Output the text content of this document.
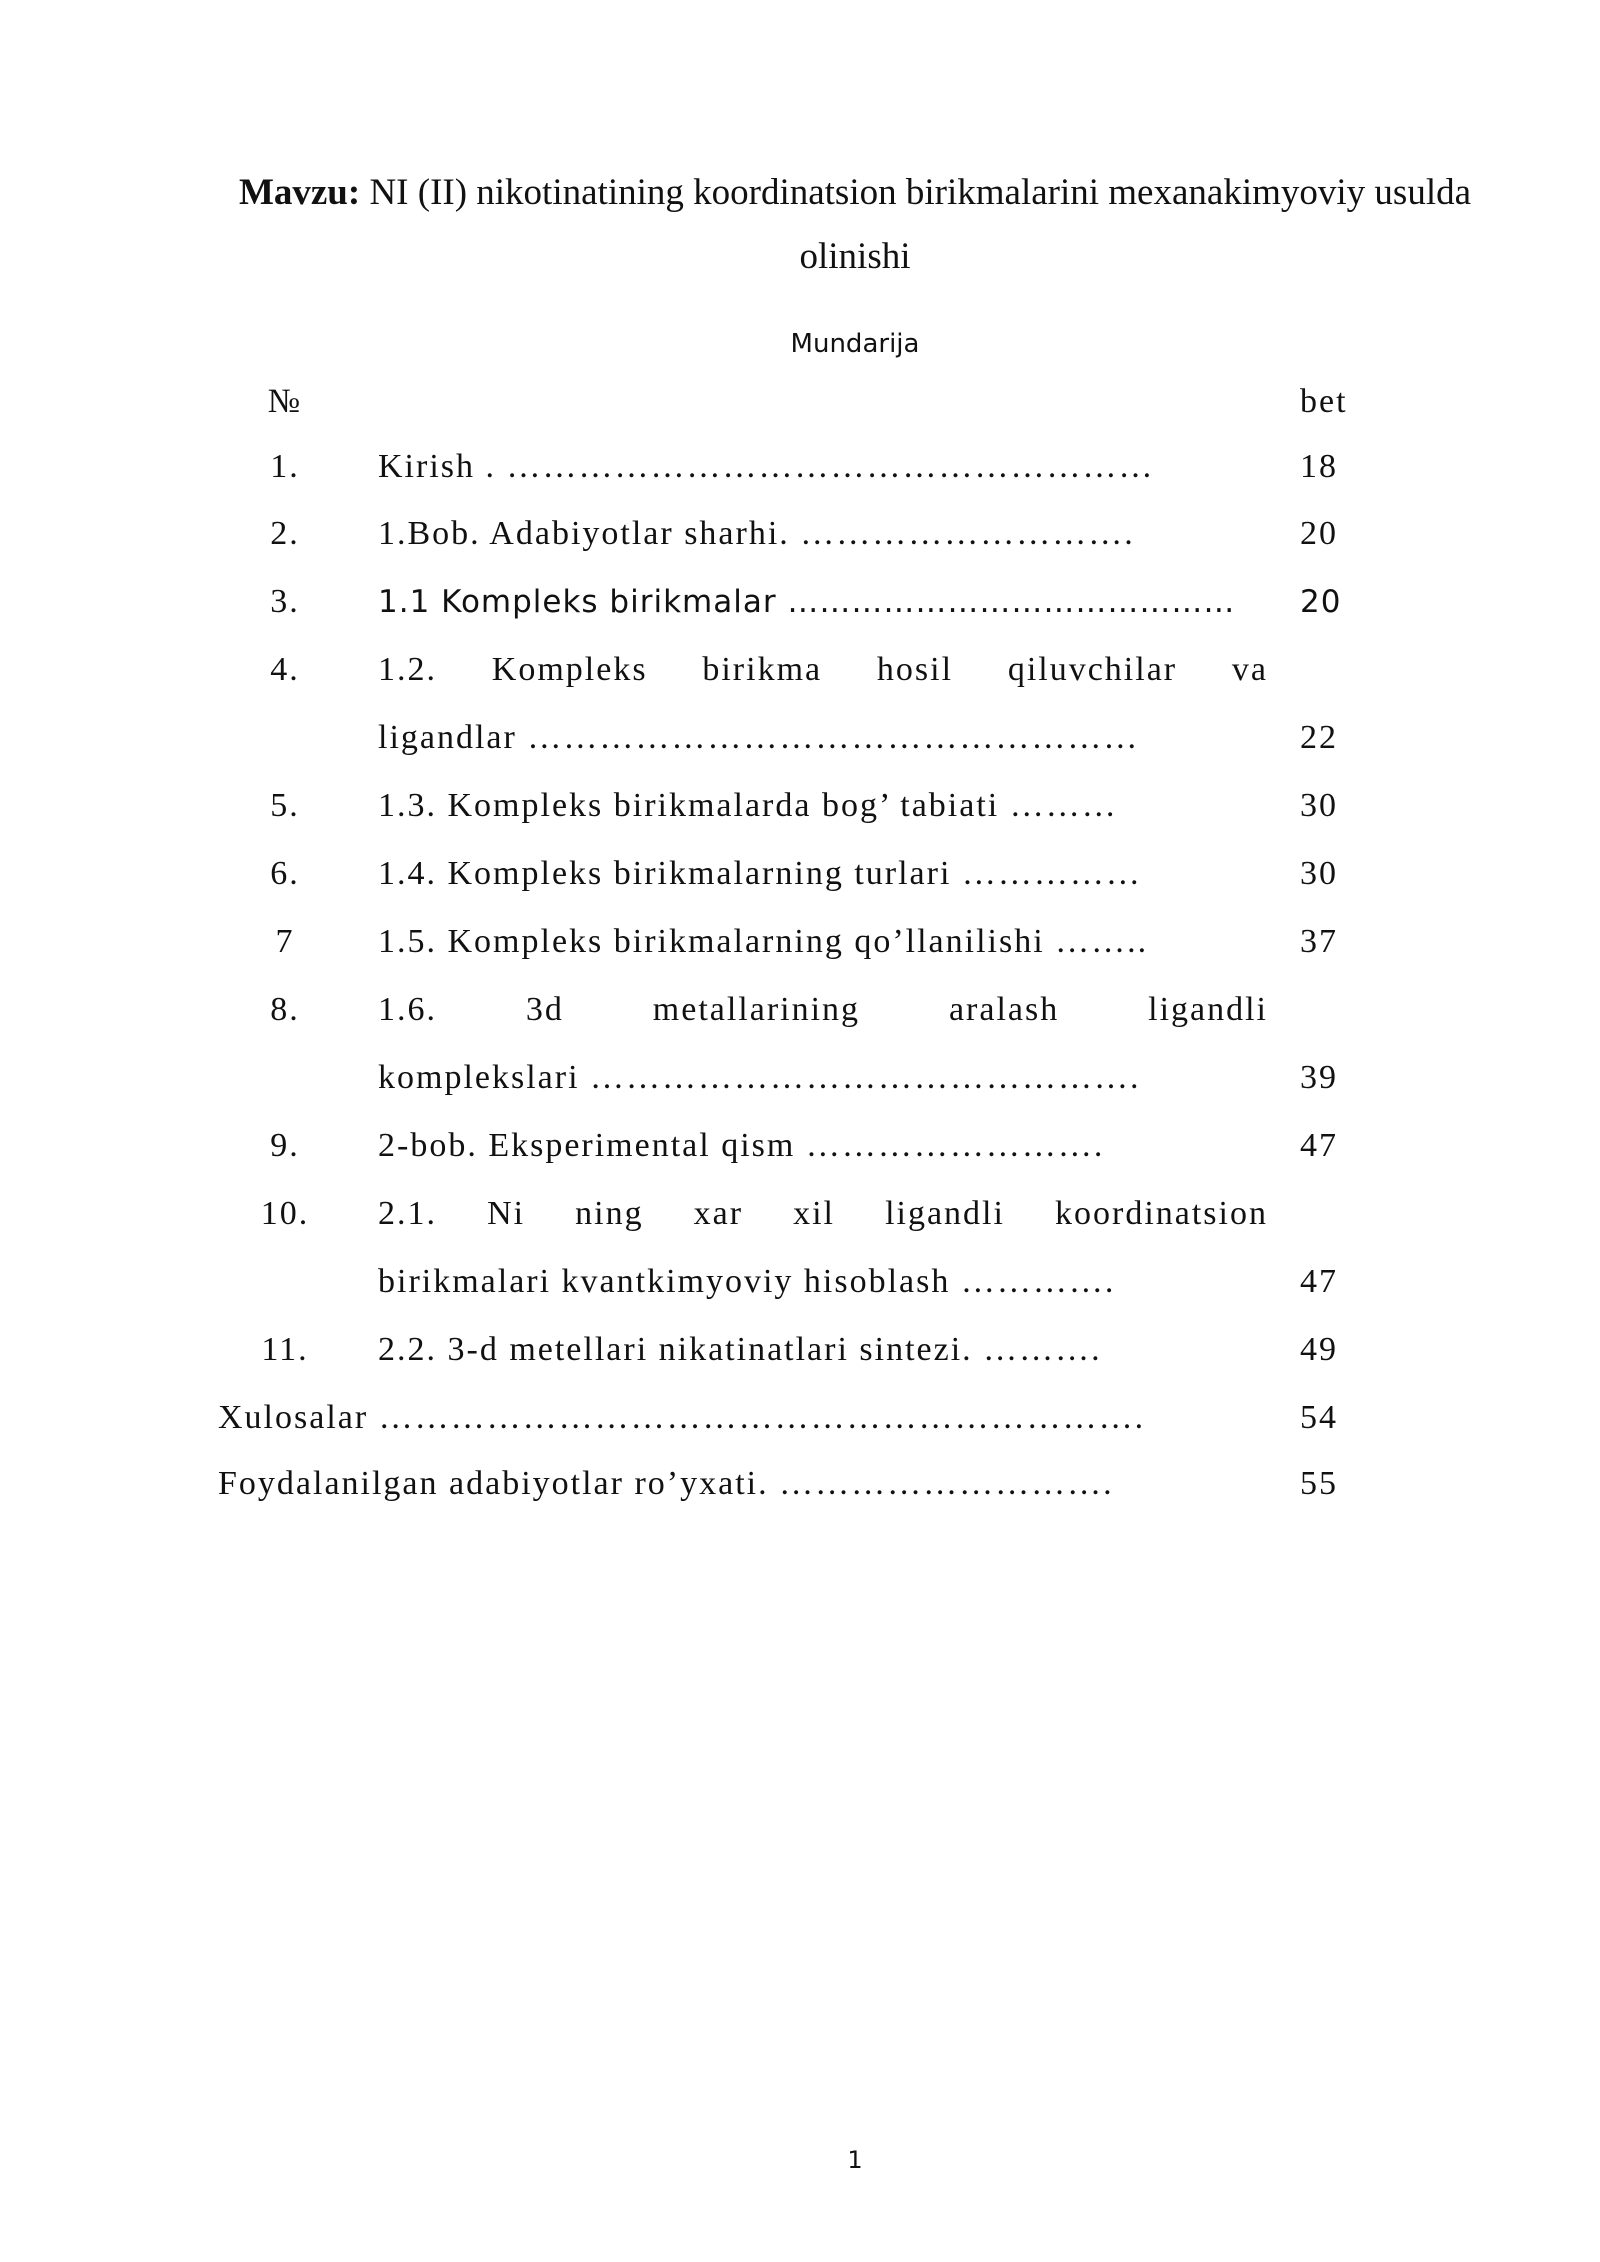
Mavzu: NI (II) nikotinatining koordinatsion birikmalarini mexanakimyoviy usulda
olinishi
Mundarija
№	bet
1.	Kirish . ………………………………………………	18
2.	1.Bob. Adabiyotlar sharhi. ……………………….	20
3.	1.1 Kompleks birikmalar ……………………………………	20
4.	1.2. Kompleks birikma hosil qiluvchilar va
ligandlar ……………………………………………	22
5.	1.3. Kompleks birikmalarda bog’ tabiati ………	30
6.	1.4. Kompleks birikmalarning turlari ……………	30
7	1.5. Kompleks birikmalarning qo’llanilishi ……..	37
8.	1.6. 3d metallarining aralash ligandli
komplekslari ……………………………………….	39
9.	2-bob. Eksperimental qism …………………….	47
10.	2.1. Ni ning xar xil ligandli koordinatsion
birikmalari kvantkimyoviy hisoblash ………….	47
11.	2.2. 3-d metellari nikatinatlari sintezi. ……….	49
Xulosalar ……………………………………………………….	54
Foydalanilgan adabiyotlar ro’yxati. ……………………….	55
1
